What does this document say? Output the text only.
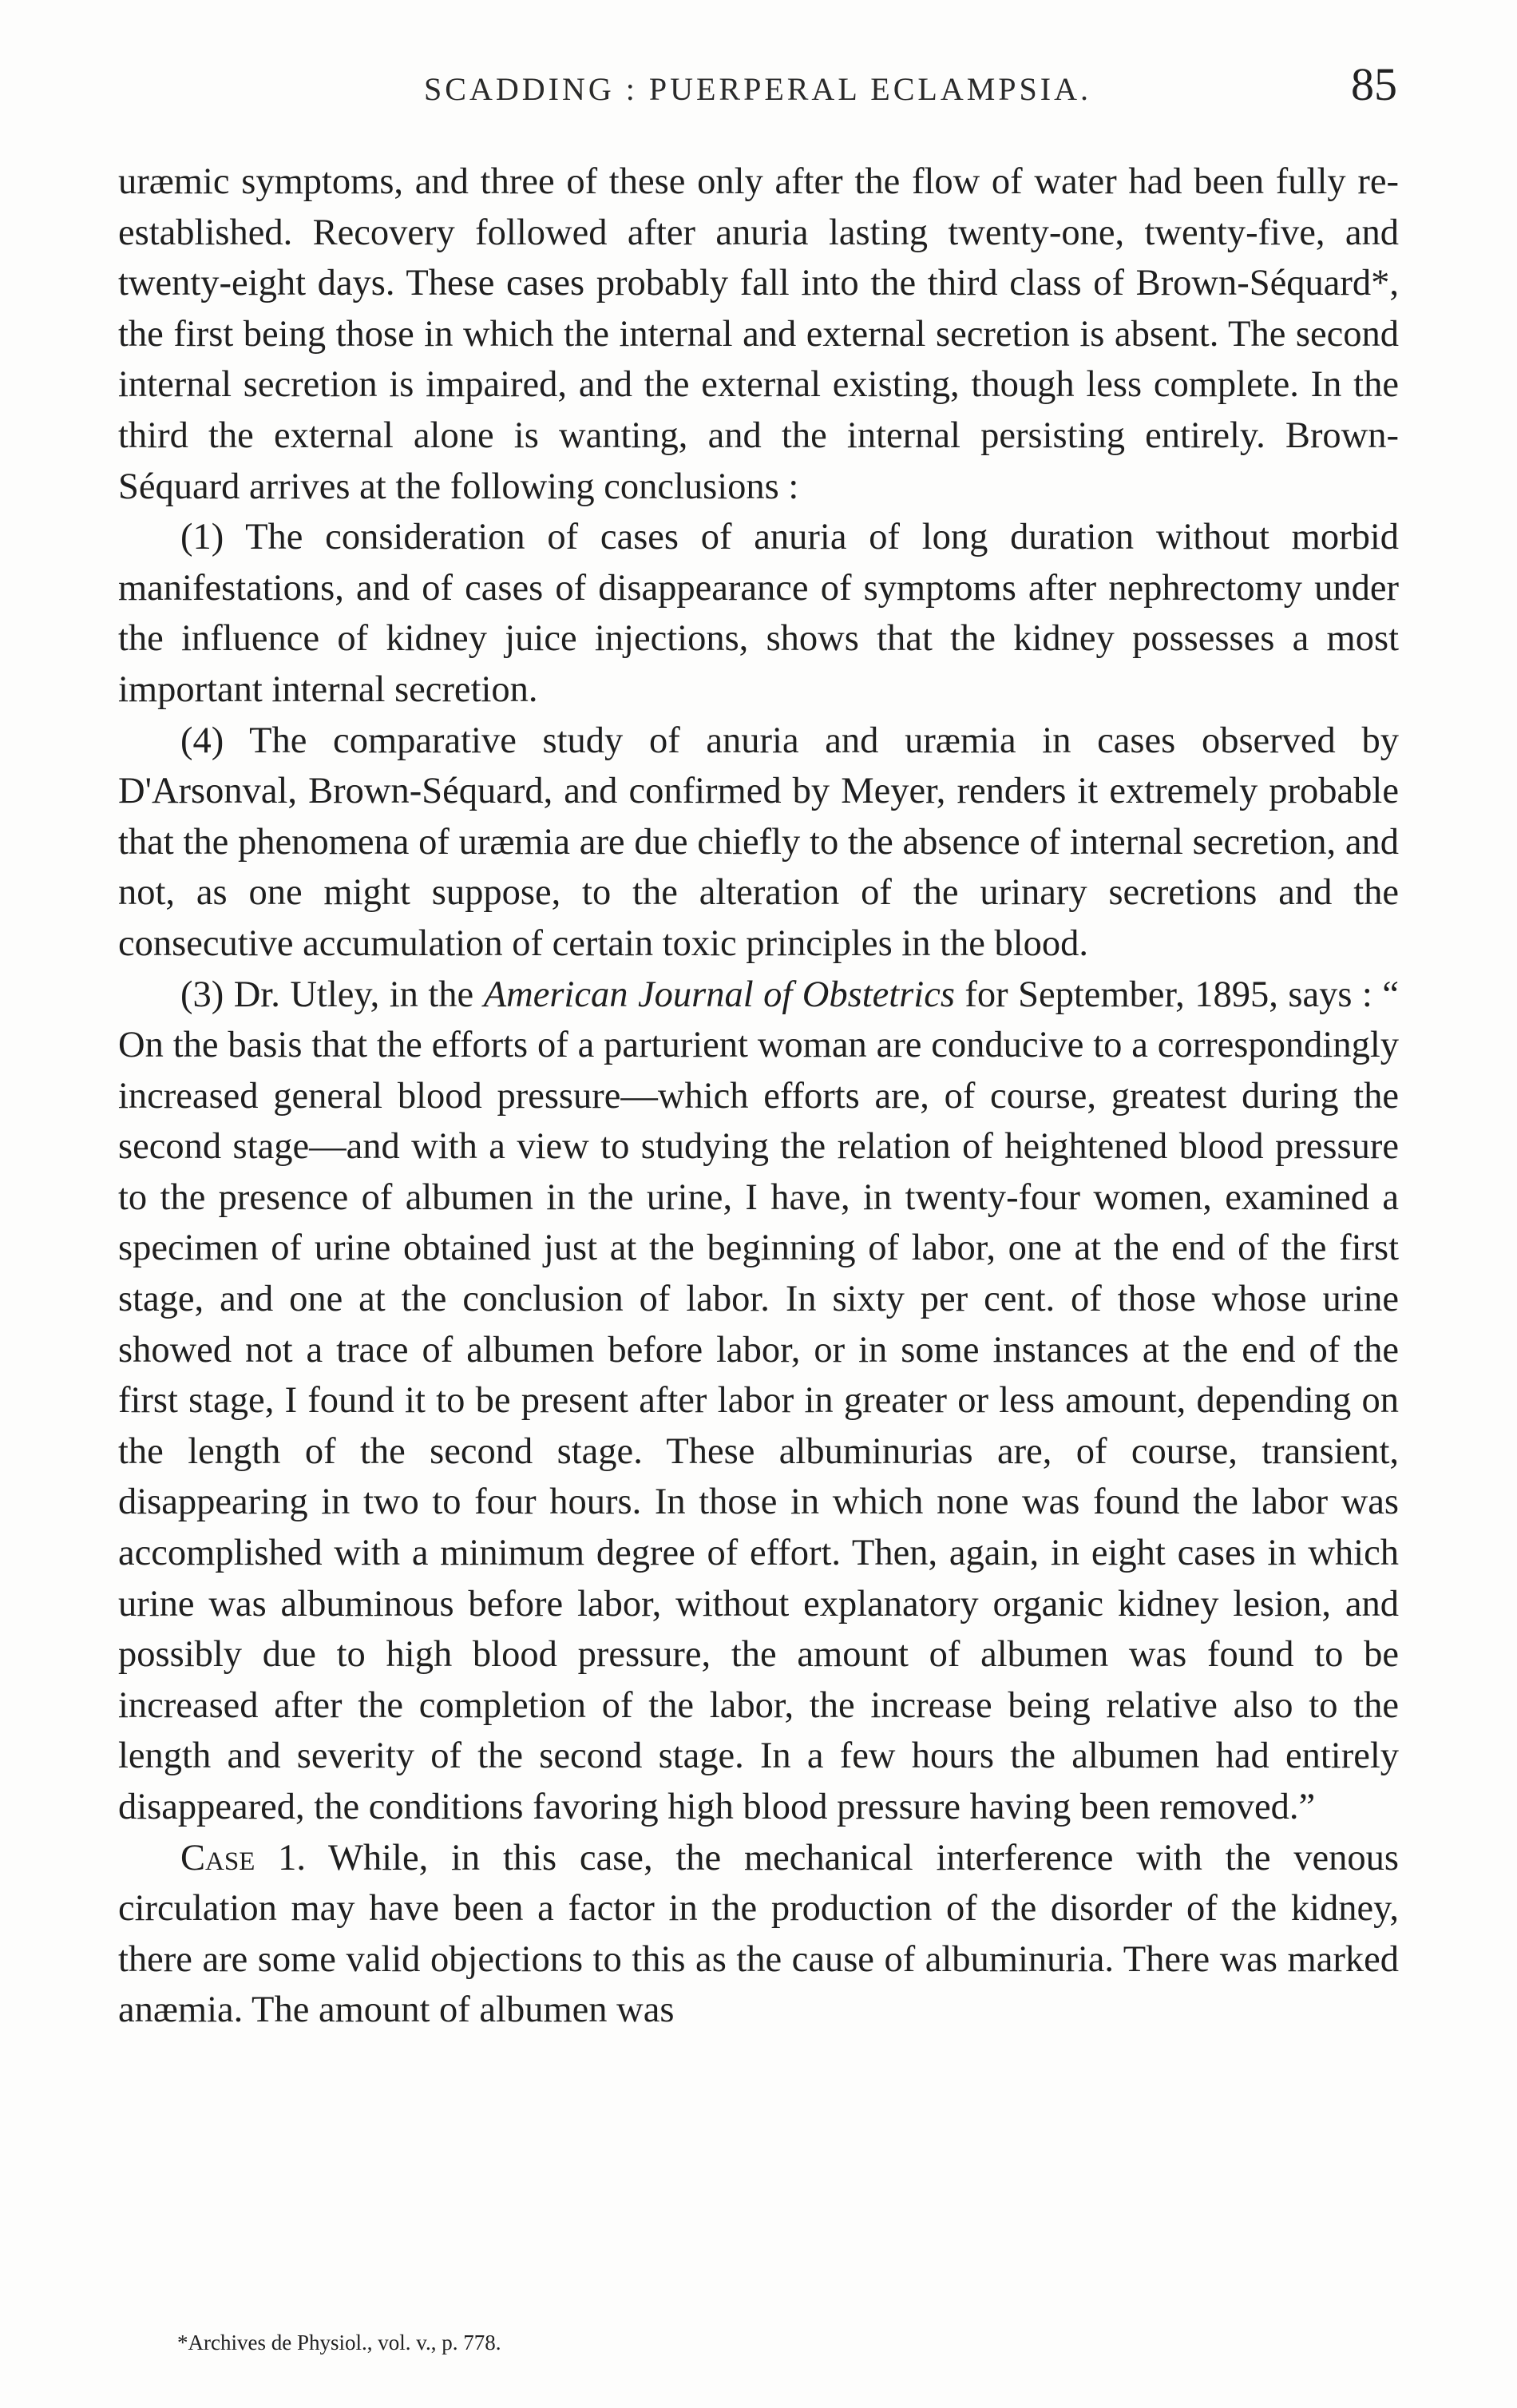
SCADDING : PUERPERAL ECLAMPSIA.	85

uræmic symptoms, and three of these only after the flow of water had been fully re-established. Recovery followed after anuria lasting twenty-one, twenty-five, and twenty-eight days. These cases probably fall into the third class of Brown-Séquard*, the first being those in which the internal and external secretion is absent. The second internal secretion is impaired, and the external existing, though less complete. In the third the external alone is wanting, and the internal persisting entirely. Brown-Séquard arrives at the following conclusions :

(1) The consideration of cases of anuria of long duration without morbid manifestations, and of cases of disappearance of symptoms after nephrectomy under the influence of kidney juice injections, shows that the kidney possesses a most important internal secretion.

(4) The comparative study of anuria and uræmia in cases observed by D'Arsonval, Brown-Séquard, and confirmed by Meyer, renders it extremely probable that the phenomena of uræmia are due chiefly to the absence of internal secretion, and not, as one might suppose, to the alteration of the urinary secretions and the consecutive accumulation of certain toxic principles in the blood.

(3) Dr. Utley, in the American Journal of Obstetrics for September, 1895, says : “ On the basis that the efforts of a parturient woman are conducive to a correspondingly increased general blood pressure—which efforts are, of course, greatest during the second stage—and with a view to studying the relation of heightened blood pressure to the presence of albumen in the urine, I have, in twenty-four women, examined a specimen of urine obtained just at the beginning of labor, one at the end of the first stage, and one at the conclusion of labor. In sixty per cent. of those whose urine showed not a trace of albumen before labor, or in some instances at the end of the first stage, I found it to be present after labor in greater or less amount, depending on the length of the second stage. These albuminurias are, of course, transient, disappearing in two to four hours. In those in which none was found the labor was accomplished with a minimum degree of effort. Then, again, in eight cases in which urine was albuminous before labor, without explanatory organic kidney lesion, and possibly due to high blood pressure, the amount of albumen was found to be increased after the completion of the labor, the increase being relative also to the length and severity of the second stage. In a few hours the albumen had entirely disappeared, the conditions favoring high blood pressure having been removed.”

Case 1. While, in this case, the mechanical interference with the venous circulation may have been a factor in the production of the disorder of the kidney, there are some valid objections to this as the cause of albuminuria. There was marked anæmia. The amount of albumen was

*Archives de Physiol., vol. v., p. 778.
